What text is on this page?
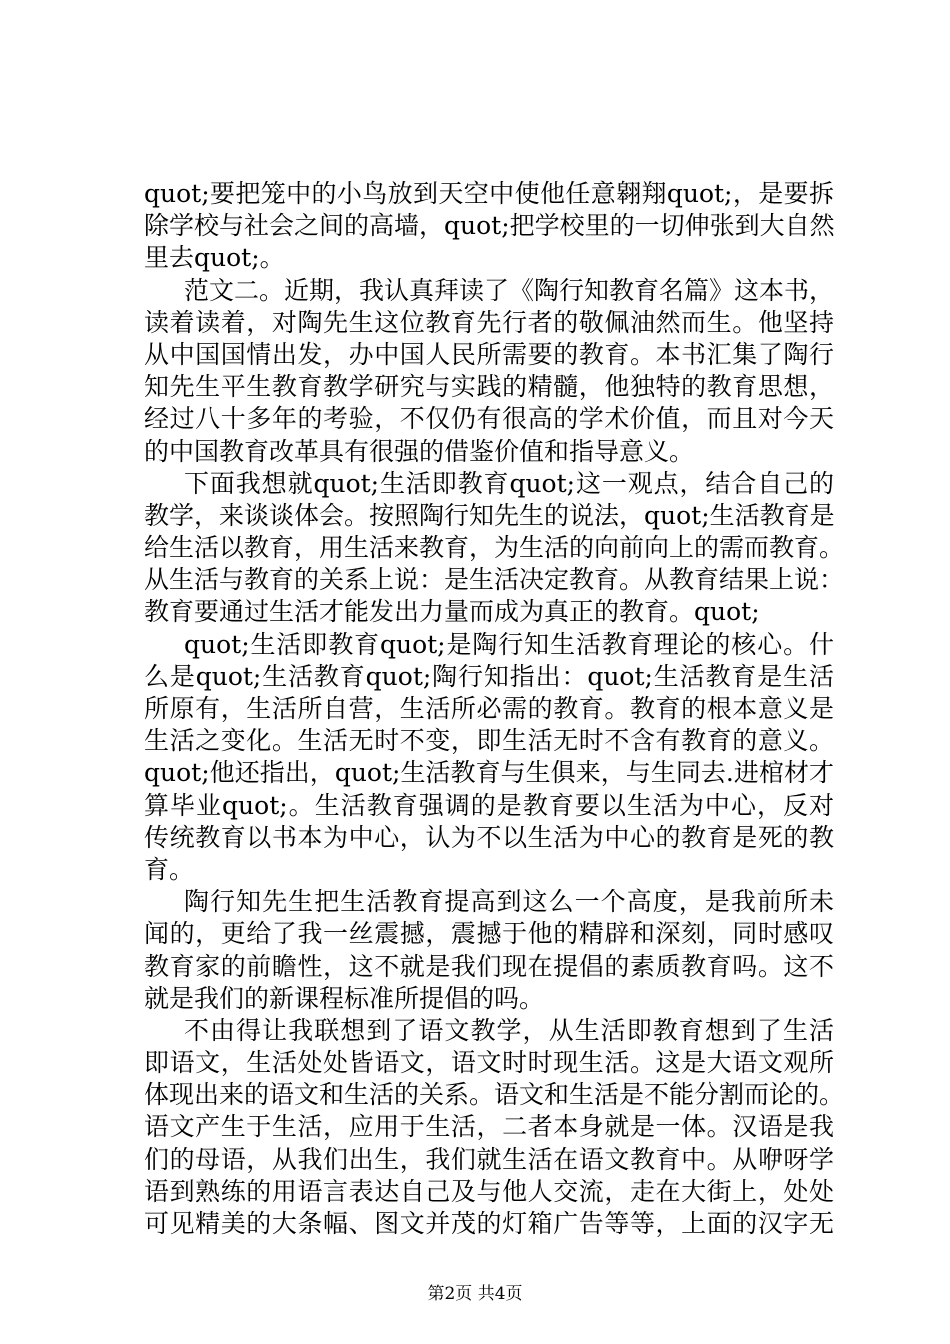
quot;要把笼中的小鸟放到天空中使他任意翱翔quot;，是要拆
除学校与社会之间的高墙，quot;把学校里的一切伸张到大自然
里去quot;。
范文二。近期，我认真拜读了《陶行知教育名篇》这本书，
读着读着，对陶先生这位教育先行者的敬佩油然而生。他坚持
从中国国情出发，办中国人民所需要的教育。本书汇集了陶行
知先生平生教育教学研究与实践的精髓，他独特的教育思想，
经过八十多年的考验，不仅仍有很高的学术价值，而且对今天
的中国教育改革具有很强的借鉴价值和指导意义。
下面我想就quot;生活即教育quot;这一观点，结合自己的
教学，来谈谈体会。按照陶行知先生的说法，quot;生活教育是
给生活以教育，用生活来教育，为生活的向前向上的需而教育。
从生活与教育的关系上说：是生活决定教育。从教育结果上说：
教育要通过生活才能发出力量而成为真正的教育。quot;
quot;生活即教育quot;是陶行知生活教育理论的核心。什
么是quot;生活教育quot;陶行知指出：quot;生活教育是生活
所原有，生活所自营，生活所必需的教育。教育的根本意义是
生活之变化。生活无时不变，即生活无时不含有教育的意义。
quot;他还指出，quot;生活教育与生俱来，与生同去.进棺材才
算毕业quot;。生活教育强调的是教育要以生活为中心，反对
传统教育以书本为中心，认为不以生活为中心的教育是死的教
育。
陶行知先生把生活教育提高到这么一个高度，是我前所未
闻的，更给了我一丝震撼，震撼于他的精辟和深刻，同时感叹
教育家的前瞻性，这不就是我们现在提倡的素质教育吗。这不
就是我们的新课程标准所提倡的吗。
不由得让我联想到了语文教学，从生活即教育想到了生活
即语文，生活处处皆语文，语文时时现生活。这是大语文观所
体现出来的语文和生活的关系。语文和生活是不能分割而论的。
语文产生于生活，应用于生活，二者本身就是一体。汉语是我
们的母语，从我们出生，我们就生活在语文教育中。从咿呀学
语到熟练的用语言表达自己及与他人交流，走在大街上，处处
可见精美的大条幅、图文并茂的灯箱广告等等，上面的汉字无
第2页 共4页
